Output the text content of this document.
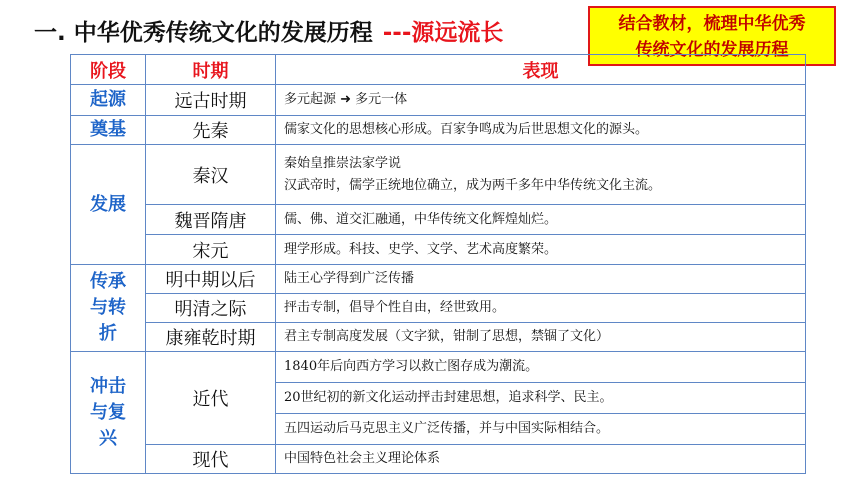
一. 中华优秀传统文化的发展历程 ---源远流长	结合教材，梳理中华优秀
传统文化的发展历程
阶段	时期	表现
起源	远古时期	多元起源 ➜ 多元一体
奠基	先秦	儒家文化的思想核心形成。百家争鸣成为后世思想文化的源头。
发展	秦汉	秦始皇推崇法家学说
汉武帝时，儒学正统地位确立，成为两千多年中华传统文化主流。

	魏晋隋唐	儒、佛、道交汇融通，中华传统文化辉煌灿烂。
	宋元	理学形成。科技、史学、文学、艺术高度繁荣。

传承与转折	明中期以后	陆王心学得到广泛传播
	明清之际	抨击专制，倡导个性自由，经世致用。
	康雍乾时期	君主专制高度发展（文字狱，钳制了思想，禁锢了文化）

冲击与复兴	近代	1840年后向西方学习以救亡图存成为潮流。
		20世纪初的新文化运动抨击封建思想，追求科学、民主。
		五四运动后马克思主义广泛传播，并与中国实际相结合。
	现代	中国特色社会主义理论体系
